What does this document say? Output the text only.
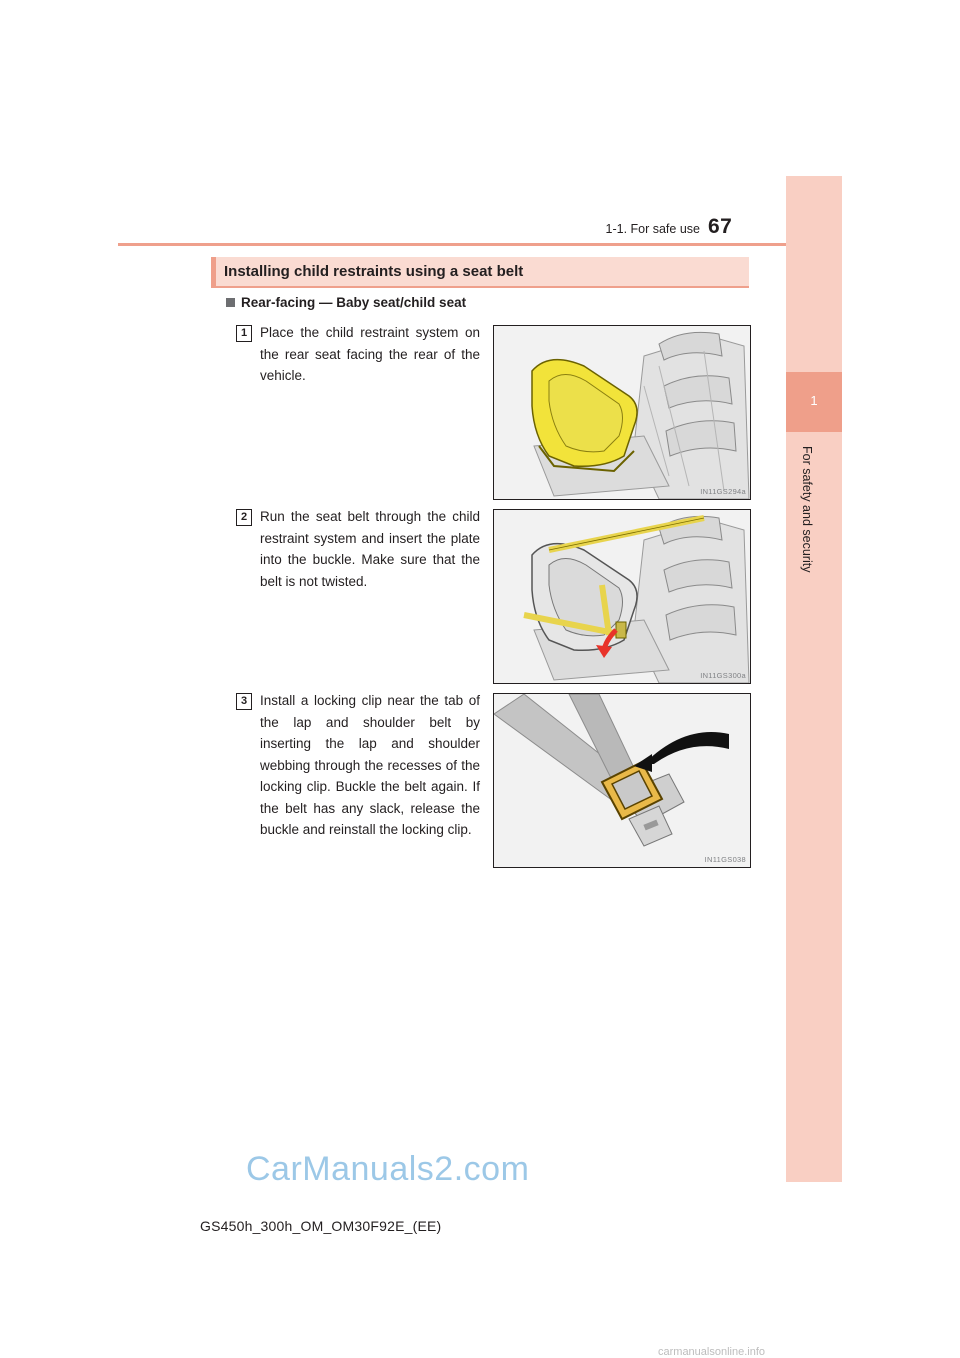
1-1. For safe use 67
1
For safety and security
Installing child restraints using a seat belt
Rear-facing — Baby seat/child seat
1 Place the child restraint system on the rear seat facing the rear of the vehicle.
IN11GS294a
2 Run the seat belt through the child restraint system and insert the plate into the buckle. Make sure that the belt is not twisted.
IN11GS300a
3 Install a locking clip near the tab of the lap and shoulder belt by inserting the lap and shoulder webbing through the recesses of the locking clip. Buckle the belt again. If the belt has any slack, release the buckle and reinstall the locking clip.
IN11GS038
CarManuals2.com
GS450h_300h_OM_OM30F92E_(EE)
carmanualsonline.info
